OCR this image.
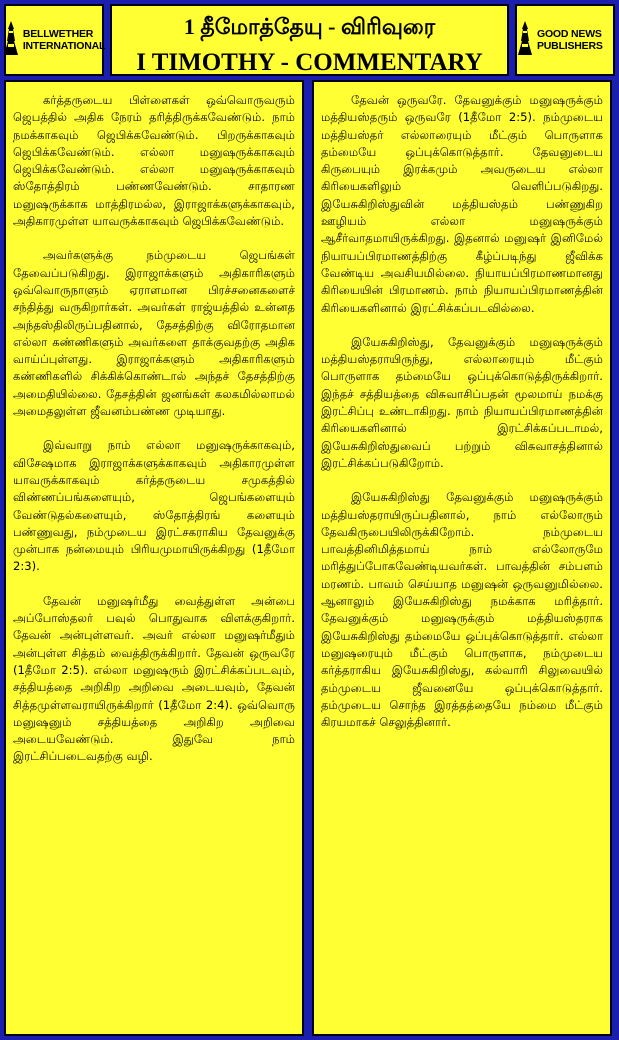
BELLWETHER INTERNATIONAL
1 தீமோத்தேயு - விரிவுரை
I TIMOTHY - COMMENTARY
GOOD NEWS PUBLISHERS

கர்த்தருடைய பிள்ளைகள் ஒவ்வொருவரும் ஜெபத்தில் அதிக நேரம் தரித்திருக்கவேண்டும். நாம் நமக்காகவும் ஜெபிக்கவேண்டும். பிறருக்காகவும் ஜெபிக்கவேண்டும். எல்லா மனுஷருக்காகவும் ஜெபிக்கவேண்டும். எல்லா மனுஷருக்காகவும் ஸ்தோத்திரம் பண்ணவேண்டும். சாதாரண மனுஷருக்காக மாத்திரமல்ல, இராஜாக்களுக்காகவும், அதிகாரமுள்ள யாவருக்காகவும் ஜெபிக்கவேண்டும்.

அவர்களுக்கு நம்முடைய ஜெபங்கள் தேவைப்படுகிறது. இராஜாக்களும் அதிகாரிகளும் ஒவ்வொருநாளும் ஏராளமான பிரச்சனைகளைச் சந்தித்து வருகிறார்கள். அவர்கள் ராஜ்யத்தில் உன்னத அந்தஸ்திலிருப்பதினால், தேசத்திற்கு விரோதமான எல்லா கண்ணிகளும் அவர்களை தாக்குவதற்கு அதிக வாய்ப்புள்ளது. இராஜாக்களும் அதிகாரிகளும் கண்ணிகளில் சிக்கிக்கொண்டால் அந்தச் தேசத்திற்கு அமைதியில்லை. தேசத்தின் ஜனங்கள் கலகமில்லாமல் அமைதலுள்ள ஜீவனம்பண்ண முடியாது.

இவ்வாறு நாம் எல்லா மனுஷருக்காகவும், விசேஷமாக இராஜாக்களுக்காகவும் அதிகாரமுள்ள யாவருக்காகவும் கர்த்தருடைய சமுகத்தில் விண்ணப்பங்களையும், ஜெபங்களையும் வேண்டுதல்களையும், ஸ்தோத்திரங் களையும் பண்ணுவது, நம்முடைய இரட்சகராகிய தேவனுக்கு முன்பாக நன்மையும் பிரியமுமாயிருக்கிறது (1தீமோ 2:3).

தேவன் மனுஷர்மீது வைத்துள்ள அன்பை அப்போஸ்தலர் பவுல் பொதுவாக விளக்குகிறார். தேவன் அன்புள்ளவர். அவர் எல்லா மனுஷர்மீதும் அன்புள்ள சித்தம் வைத்திருக்கிறார். தேவன் ஒருவரே (1தீமோ 2:5). எல்லா மனுஷரும் இரட்சிக்கப்படவும், சத்தியத்தை அறிகிற அறிவை அடையவும், தேவன் சித்தமுள்ளவராயிருக்கிறார் (1தீமோ 2:4). ஒவ்வொரு மனுஷனும் சத்தியத்தை அறிகிற அறிவை அடையவேண்டும். இதுவே நாம் இரட்சிப்படைவதற்கு வழி.

தேவன் ஒருவரே. தேவனுக்கும் மனுஷருக்கும் மத்தியஸ்தரும் ஒருவரே (1தீமோ 2:5). நம்முடைய மத்தியஸ்தர் எல்லாரையும் மீட்கும் பொருளாக தம்மையே ஒப்புக்கொடுத்தார். தேவனுடைய கிருபையும் இரக்கமும் அவருடைய எல்லா கிரியைகளிலும் வெளிப்படுகிறது. இயேசுகிறிஸ்துவின் மத்தியஸ்தம் பண்ணுகிற ஊழியம் எல்லா மனுஷருக்கும் ஆசீர்வாதமாயிருக்கிறது. இதனால் மனுஷர் இனிமேல் நியாயப்பிரமாணத்திற்கு கீழ்ப்படிந்து ஜீவிக்க வேண்டிய அவசியமில்லை. நியாயப்பிரமாணமானது கிரியையின் பிரமாணம். நாம் நியாயப்பிரமாணத்தின் கிரியைகளினால் இரட்சிக்கப்படவில்லை.

இயேசுகிறிஸ்து, தேவனுக்கும் மனுஷருக்கும் மத்தியஸ்தராயிருந்து, எல்லாரையும் மீட்கும் பொருளாக தம்மையே ஒப்புக்கொடுத்திருக்கிறார். இந்தச் சத்தியத்தை விசுவாசிப்பதன் மூலமாய் நமக்கு இரட்சிப்பு உண்டாகிறது. நாம் நியாயப்பிரமாணத்தின் கிரியைகளினால் இரட்சிக்கப்படாமல், இயேசுகிறிஸ்துவைப் பற்றும் விசுவாசத்தினால் இரட்சிக்கப்படுகிறோம்.

இயேசுகிறிஸ்து தேவனுக்கும் மனுஷருக்கும் மத்தியஸ்தராயிருப்பதினால், நாம் எல்லோரும் தேவகிருபையிலிருக்கிறோம். நம்முடைய பாவத்தினிமித்தமாய் நாம் எல்லோருமே மரித்துப்போகவேண்டியவர்கள். பாவத்தின் சம்பளம் மரணம். பாவம் செய்யாத மனுஷன் ஒருவனுமில்லை. ஆனாலும் இயேசுகிறிஸ்து நமக்காக மரித்தார். தேவனுக்கும் மனுஷருக்கும் மத்தியஸ்தராக இயேசுகிறிஸ்து தம்மையே ஒப்புக்கொடுத்தார். எல்லா மனுஷரையும் மீட்கும் பொருளாக, நம்முடைய கர்த்தராகிய இயேசுகிறிஸ்து, கல்வாரி சிலுவையில் தம்முடைய ஜீவனையே ஒப்புக்கொடுத்தார். தம்முடைய சொந்த இரத்தத்தையே நம்மை மீட்கும் கிரயமாகச் செலுத்தினார்.
